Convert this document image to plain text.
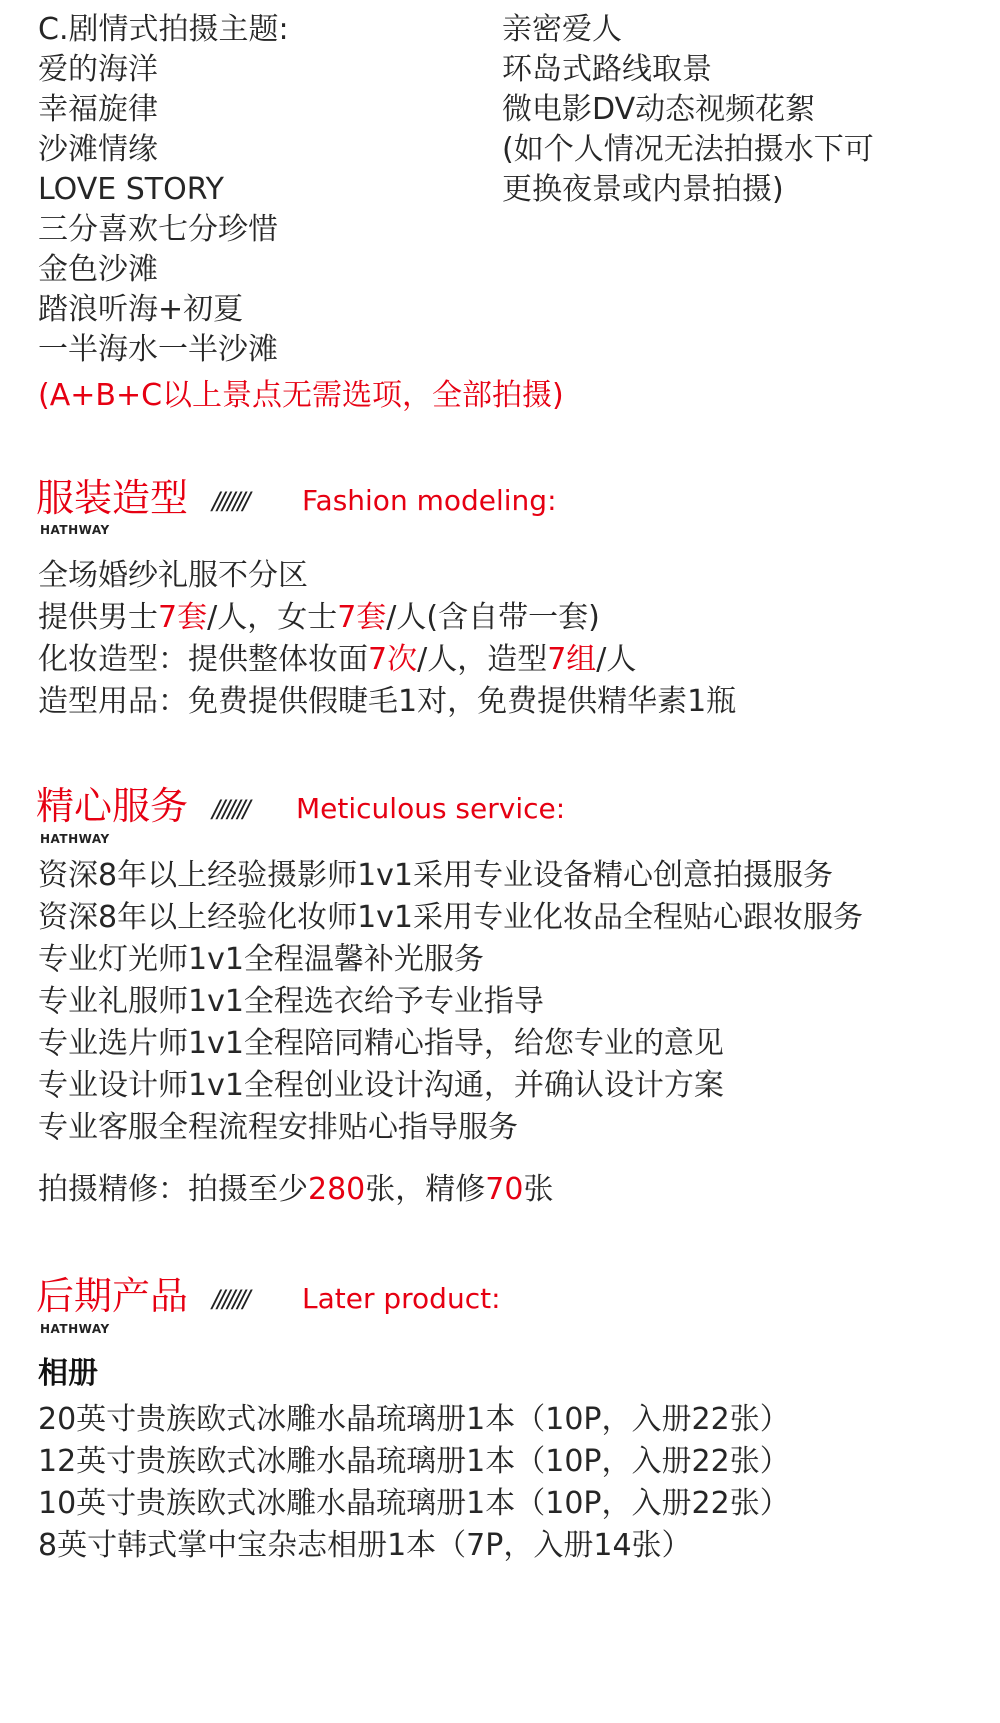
C.剧情式拍摄主题:
爱的海洋
幸福旋律
沙滩情缘
LOVE STORY
三分喜欢七分珍惜
金色沙滩
踏浪听海+初夏
一半海水一半沙滩
亲密爱人
环岛式路线取景
微电影DV动态视频花絮
(如个人情况无法拍摄水下可
更换夜景或内景拍摄)
(A+B+C以上景点无需选项，全部拍摄)
服装造型 /////// Fashion modeling:
HATHWAY
全场婚纱礼服不分区
提供男士7套/人，女士7套/人(含自带一套)
化妆造型：提供整体妆面7次/人，造型7组/人
造型用品：免费提供假睫毛1对，免费提供精华素1瓶
精心服务 /////// Meticulous service:
HATHWAY
资深8年以上经验摄影师1v1采用专业设备精心创意拍摄服务
资深8年以上经验化妆师1v1采用专业化妆品全程贴心跟妆服务
专业灯光师1v1全程温馨补光服务
专业礼服师1v1全程选衣给予专业指导
专业选片师1v1全程陪同精心指导，给您专业的意见
专业设计师1v1全程创业设计沟通，并确认设计方案
专业客服全程流程安排贴心指导服务
拍摄精修：拍摄至少280张，精修70张
后期产品 /////// Later product:
HATHWAY
相册
20英寸贵族欧式冰雕水晶琉璃册1本（10P，入册22张）
12英寸贵族欧式冰雕水晶琉璃册1本（10P，入册22张）
10英寸贵族欧式冰雕水晶琉璃册1本（10P，入册22张）
8英寸韩式掌中宝杂志相册1本（7P，入册14张）
